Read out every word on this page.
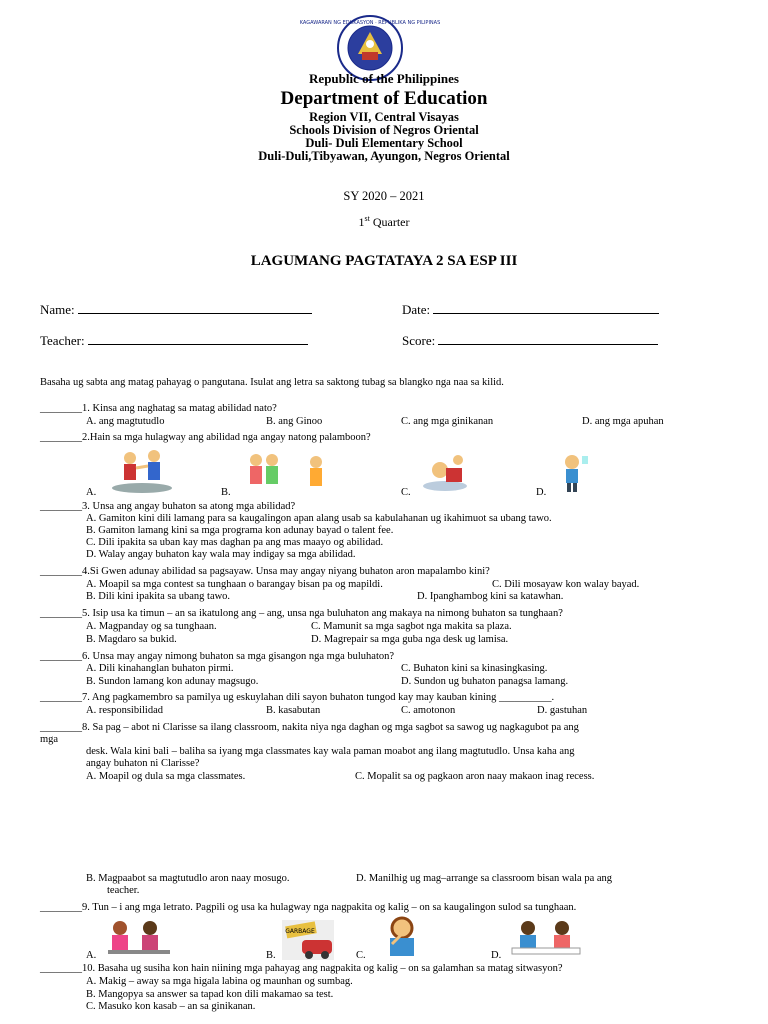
KAGAWARAN NG EDUKASYON · REPUBLIKA NG PILIPINAS
Republic of the Philippines
Department of Education
Region VII, Central Visayas
Schools Division of Negros Oriental
Duli- Duli Elementary School
Duli-Duli,Tibyawan, Ayungon, Negros Oriental
SY 2020 – 2021
1st Quarter
LAGUMANG PAGTATAYA 2 SA ESP III
Name:	Date:
Teacher:	Score:
Basaha ug sabta ang matag pahayag o pangutana. Isulat ang letra sa saktong tubag sa blangko nga naa sa kilid.
________1. Kinsa ang naghatag sa matag abilidad nato?
A. ang magtutudlo	B. ang Ginoo	C. ang mga ginikanan	D. ang mga apuhan
________2.Hain sa mga hulagway ang abilidad nga angay natong palamboon?
A.	B.	C.	D.
________3. Unsa ang angay buhaton sa atong mga abilidad?
A. Gamiton kini dili lamang para sa kaugalingon apan alang usab sa kabulahanan ug ikahimuot sa ubang tawo.
B. Gamiton lamang kini sa mga programa kon adunay bayad o talent fee.
C. Dili ipakita sa uban kay mas daghan pa ang mas maayo og abilidad.
D. Walay angay buhaton kay wala may indigay sa mga abilidad.
________4.Si Gwen adunay abilidad sa pagsayaw. Unsa may angay niyang buhaton aron mapalambo kini?
A. Moapil sa mga contest sa tunghaan o barangay bisan pa og mapildi.	C. Dili mosayaw kon walay bayad.
B. Dili kini ipakita sa ubang tawo.	D. Ipanghambog kini sa katawhan.
________5. Isip usa ka timun – an sa ikatulong ang – ang, unsa nga buluhaton ang makaya na nimong buhaton sa tunghaan?
A. Magpanday og sa tunghaan.	C. Mamunit sa mga sagbot nga makita sa plaza.
B. Magdaro sa bukid.	D. Magrepair sa mga guba nga desk ug lamisa.
________6. Unsa may angay nimong buhaton sa mga gisangon nga mga buluhaton?
A. Dili kinahanglan buhaton pirmi.	C. Buhaton kini sa kinasingkasing.
B. Sundon lamang kon adunay magsugo.	D. Sundon ug buhaton panagsa lamang.
________7. Ang pagkamembro sa pamilya ug eskuylahan dili sayon buhaton tungod kay may kauban kining __________.
A. responsibilidad	B. kasabutan	C. amotonon	D. gastuhan
________8. Sa pag – abot ni Clarisse sa ilang classroom, nakita niya nga daghan og mga sagbot sa sawog ug nagkagubot pa ang
mga
desk. Wala kini bali – baliha sa iyang mga classmates kay wala paman moabot ang ilang magtutudlo. Unsa kaha ang
angay buhaton ni Clarisse?
A. Moapil og dula sa mga classmates.	C. Mopalit sa og pagkaon aron naay makaon inag recess.
B. Magpaabot sa magtutudlo aron naay mosugo.	D. Manilhig ug mag–arrange sa classroom bisan wala pa ang
teacher.
________9. Tun – i ang mga letrato. Pagpili og usa ka hulagway nga nagpakita og kalig – on sa kaugalingon sulod sa tunghaan.
GARBAGE
A.	B.	C.	D.
________10. Basaha ug susiha kon hain niining mga pahayag ang nagpakita og kalig – on sa galamhan sa matag sitwasyon?
A. Makig – away sa mga higala labina og maunhan og sumbag.
B. Mangopya sa answer sa tapad kon dili makamao sa test.
C. Masuko kon kasab – an sa ginikanan.
